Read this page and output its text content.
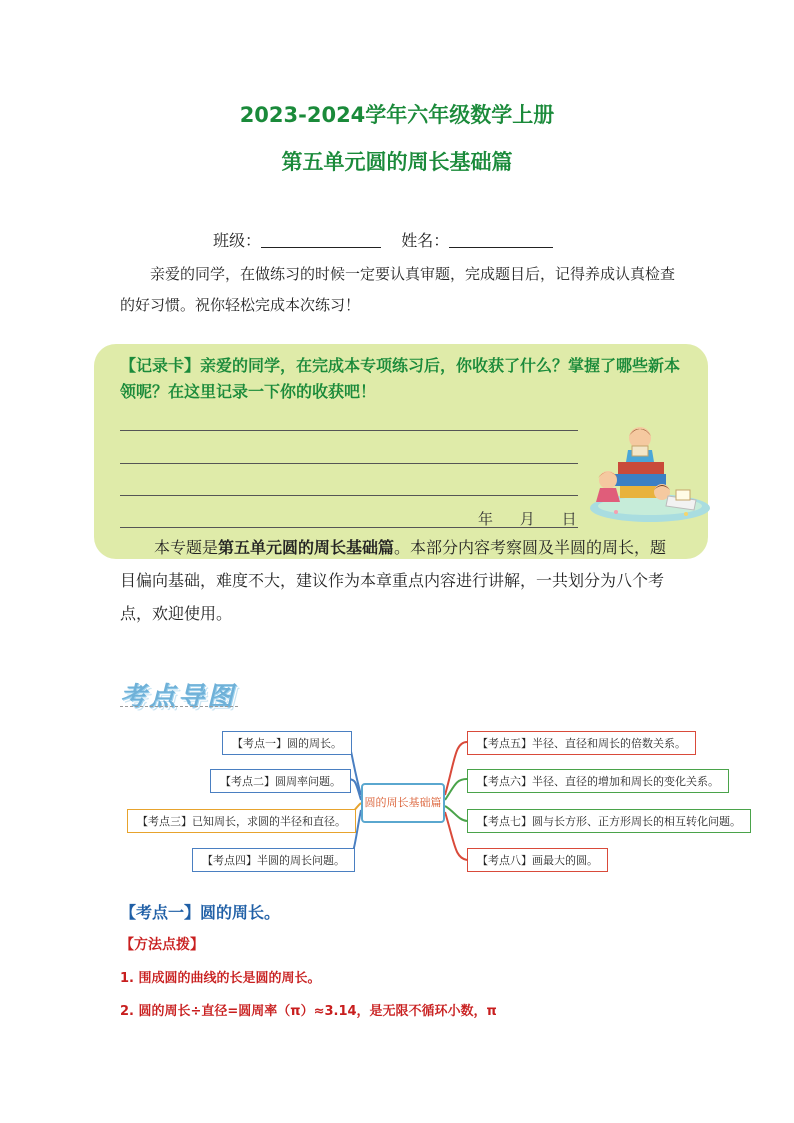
2023-2024学年六年级数学上册
第五单元圆的周长基础篇
班级：	姓名：
亲爱的同学，在做练习的时候一定要认真审题，完成题目后，记得养成认真检查的好习惯。祝你轻松完成本次练习！
【记录卡】亲爱的同学，在完成本专项练习后，你收获了什么？掌握了哪些新本领呢？在这里记录一下你的收获吧！
年 月 日
本专题是第五单元圆的周长基础篇。本部分内容考察圆及半圆的周长，题目偏向基础，难度不大，建议作为本章重点内容进行讲解，一共划分为八个考点，欢迎使用。
考点导图
圆的周长基础篇
【考点一】圆的周长。
【考点二】圆周率问题。
【考点三】已知周长，求圆的半径和直径。
【考点四】半圆的周长问题。
【考点五】半径、直径和周长的倍数关系。
【考点六】半径、直径的增加和周长的变化关系。
【考点七】圆与长方形、正方形周长的相互转化问题。
【考点八】画最大的圆。
【考点一】圆的周长。
【方法点拨】
1. 围成圆的曲线的长是圆的周长。
2. 圆的周长÷直径=圆周率（π）≈3.14，是无限不循环小数，π
